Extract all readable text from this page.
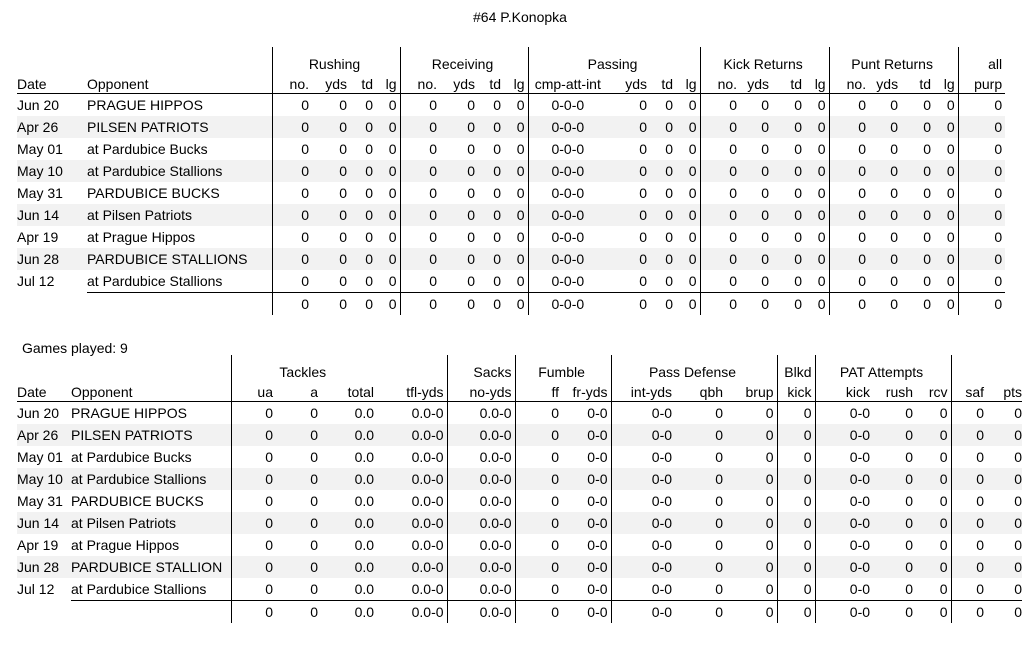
#64 P.Konopka
		Rushing				Receiving				Passing				Kick Returns				Punt Returns				all
Date	Opponent	no.	yds	td	lg	no.	yds	td	lg	cmp-att-int	yds	td	lg	no.	yds	td	lg	no.	yds	td	lg	purp
Jun 20	PRAGUE HIPPOS	0	0	0	0	0	0	0	0	0-0-0	0	0	0	0	0	0	0	0	0	0	0	0
Apr 26	PILSEN PATRIOTS	0	0	0	0	0	0	0	0	0-0-0	0	0	0	0	0	0	0	0	0	0	0	0
May 01	at Pardubice Bucks	0	0	0	0	0	0	0	0	0-0-0	0	0	0	0	0	0	0	0	0	0	0	0
May 10	at Pardubice Stallions	0	0	0	0	0	0	0	0	0-0-0	0	0	0	0	0	0	0	0	0	0	0	0
May 31	PARDUBICE BUCKS	0	0	0	0	0	0	0	0	0-0-0	0	0	0	0	0	0	0	0	0	0	0	0
Jun 14	at Pilsen Patriots	0	0	0	0	0	0	0	0	0-0-0	0	0	0	0	0	0	0	0	0	0	0	0
Apr 19	at Prague Hippos	0	0	0	0	0	0	0	0	0-0-0	0	0	0	0	0	0	0	0	0	0	0	0
Jun 28	PARDUBICE STALLIONS	0	0	0	0	0	0	0	0	0-0-0	0	0	0	0	0	0	0	0	0	0	0	0
Jul 12	at Pardubice Stallions	0	0	0	0	0	0	0	0	0-0-0	0	0	0	0	0	0	0	0	0	0	0	0
		0	0	0	0	0	0	0	0	0-0-0	0	0	0	0	0	0	0	0	0	0	0	0
Games played: 9
		Tackles				Sacks	Fumble		Pass Defense			Blkd	PAT Attempts				
Date	Opponent	ua	a	total	tfl-yds	no-yds	ff	fr-yds	int-yds	qbh	brup	kick	kick	rush	rcv	saf	pts
Jun 20	PRAGUE HIPPOS	0	0	0.0	0.0-0	0.0-0	0	0-0	0-0	0	0	0	0-0	0	0	0	0
Apr 26	PILSEN PATRIOTS	0	0	0.0	0.0-0	0.0-0	0	0-0	0-0	0	0	0	0-0	0	0	0	0
May 01	at Pardubice Bucks	0	0	0.0	0.0-0	0.0-0	0	0-0	0-0	0	0	0	0-0	0	0	0	0
May 10	at Pardubice Stallions	0	0	0.0	0.0-0	0.0-0	0	0-0	0-0	0	0	0	0-0	0	0	0	0
May 31	PARDUBICE BUCKS	0	0	0.0	0.0-0	0.0-0	0	0-0	0-0	0	0	0	0-0	0	0	0	0
Jun 14	at Pilsen Patriots	0	0	0.0	0.0-0	0.0-0	0	0-0	0-0	0	0	0	0-0	0	0	0	0
Apr 19	at Prague Hippos	0	0	0.0	0.0-0	0.0-0	0	0-0	0-0	0	0	0	0-0	0	0	0	0
Jun 28	PARDUBICE STALLION	0	0	0.0	0.0-0	0.0-0	0	0-0	0-0	0	0	0	0-0	0	0	0	0
Jul 12	at Pardubice Stallions	0	0	0.0	0.0-0	0.0-0	0	0-0	0-0	0	0	0	0-0	0	0	0	0
		0	0	0.0	0.0-0	0.0-0	0	0-0	0-0	0	0	0	0-0	0	0	0	0
